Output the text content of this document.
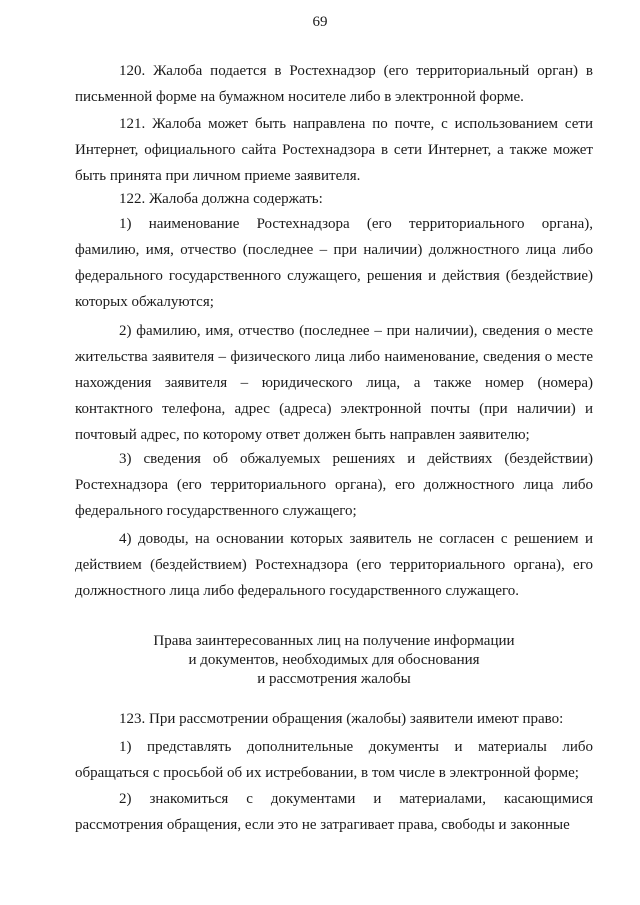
69

120. Жалоба подается в Ростехнадзор (его территориальный орган) в письменной форме на бумажном носителе либо в электронной форме.

121. Жалоба может быть направлена по почте, с использованием сети Интернет, официального сайта Ростехнадзора в сети Интернет, а также может быть принята при личном приеме заявителя.

122. Жалоба должна содержать:

1) наименование Ростехнадзора (его территориального органа), фамилию, имя, отчество (последнее – при наличии) должностного лица либо федерального государственного служащего, решения и действия (бездействие) которых обжалуются;

2) фамилию, имя, отчество (последнее – при наличии), сведения о месте жительства заявителя – физического лица либо наименование, сведения о месте нахождения заявителя – юридического лица, а также номер (номера) контактного телефона, адрес (адреса) электронной почты (при наличии) и почтовый адрес, по которому ответ должен быть направлен заявителю;

3) сведения об обжалуемых решениях и действиях (бездействии) Ростехнадзора (его территориального органа), его должностного лица либо федерального государственного служащего;

4) доводы, на основании которых заявитель не согласен с решением и действием (бездействием) Ростехнадзора (его территориального органа), его должностного лица либо федерального государственного служащего.

Права заинтересованных лиц на получение информации
и документов, необходимых для обоснования
и рассмотрения жалобы

123. При рассмотрении обращения (жалобы) заявители имеют право:

1) представлять дополнительные документы и материалы либо обращаться с просьбой об их истребовании, в том числе в электронной форме;

2) знакомиться с документами и материалами, касающимися рассмотрения обращения, если это не затрагивает права, свободы и законные
